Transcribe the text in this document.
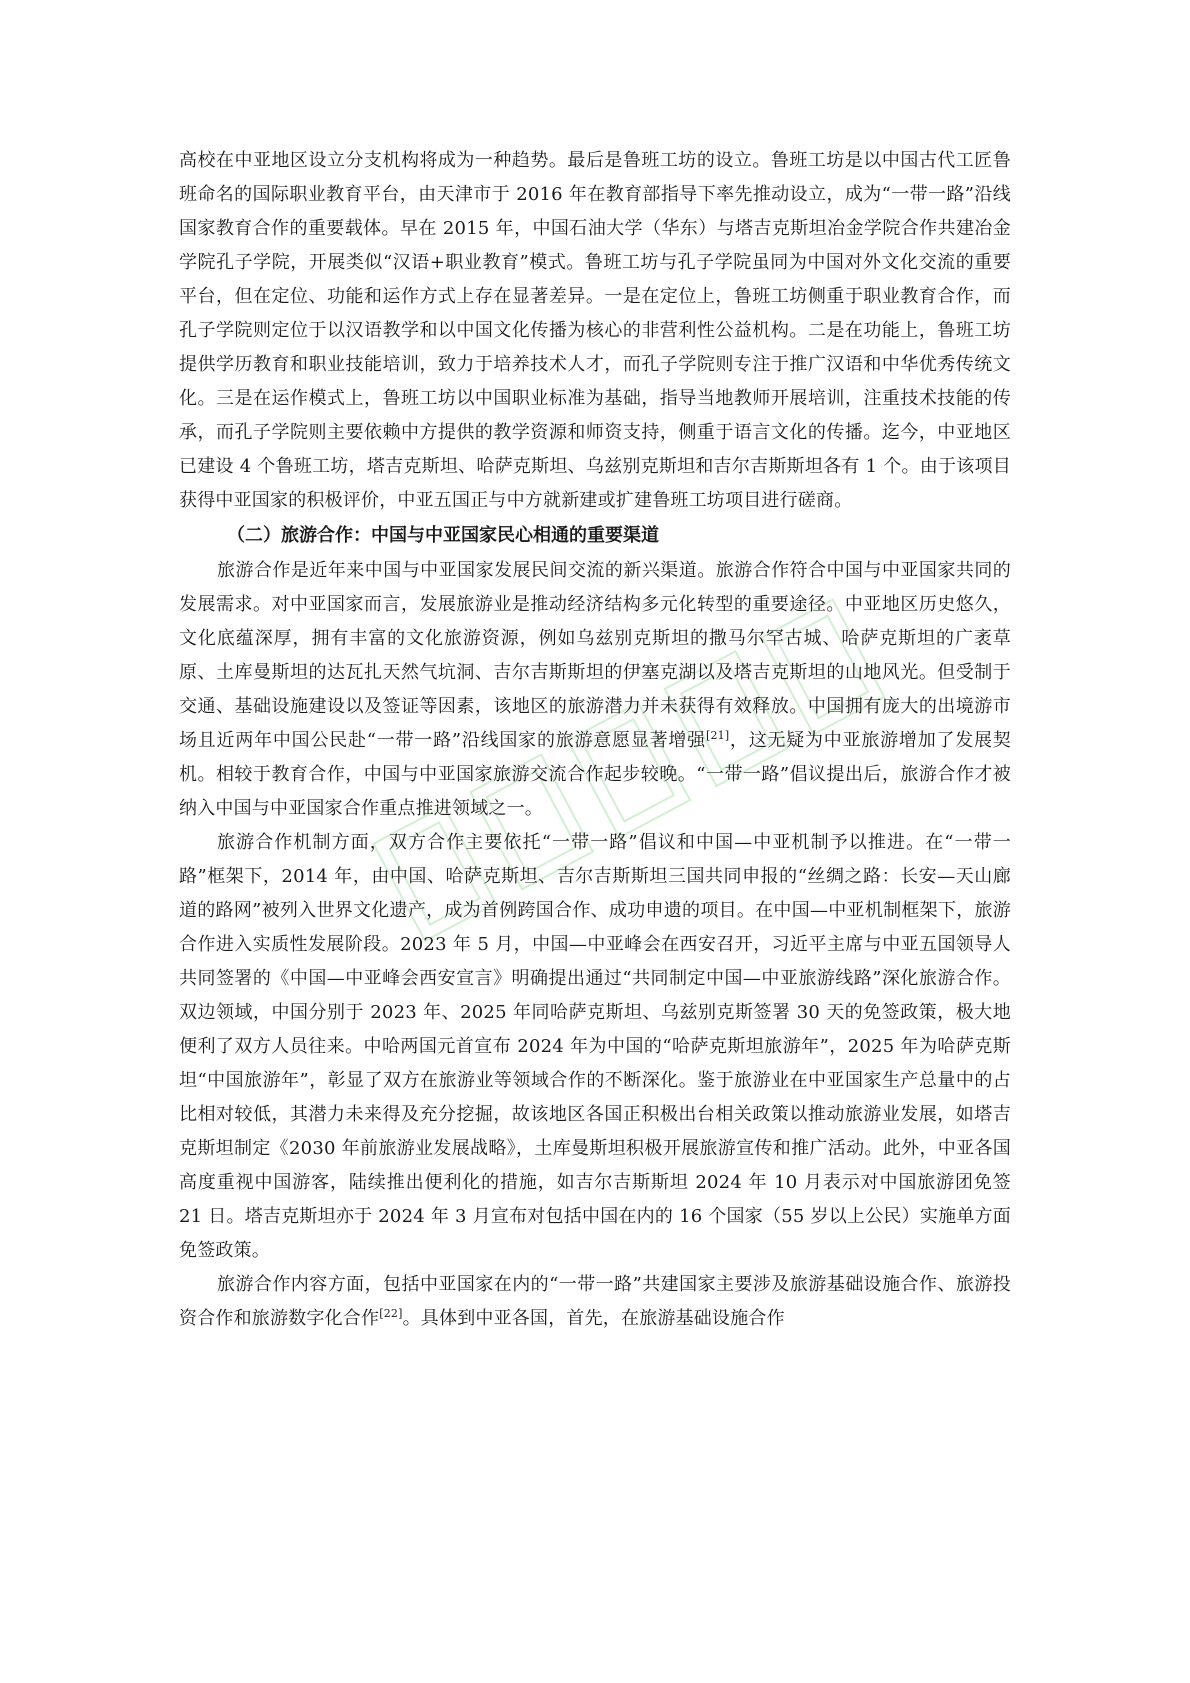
高校在中亚地区设立分支机构将成为一种趋势。最后是鲁班工坊的设立。鲁班工坊是以中国古代工匠鲁班命名的国际职业教育平台，由天津市于 2016 年在教育部指导下率先推动设立，成为“一带一路”沿线国家教育合作的重要载体。早在 2015 年，中国石油大学（华东）与塔吉克斯坦冶金学院合作共建冶金学院孔子学院，开展类似“汉语+职业教育”模式。鲁班工坊与孔子学院虽同为中国对外文化交流的重要平台，但在定位、功能和运作方式上存在显著差异。一是在定位上，鲁班工坊侧重于职业教育合作，而孔子学院则定位于以汉语教学和以中国文化传播为核心的非营利性公益机构。二是在功能上，鲁班工坊提供学历教育和职业技能培训，致力于培养技术人才，而孔子学院则专注于推广汉语和中华优秀传统文化。三是在运作模式上，鲁班工坊以中国职业标准为基础，指导当地教师开展培训，注重技术技能的传承，而孔子学院则主要依赖中方提供的教学资源和师资支持，侧重于语言文化的传播。迄今，中亚地区已建设 4 个鲁班工坊，塔吉克斯坦、哈萨克斯坦、乌兹别克斯坦和吉尔吉斯斯坦各有 1 个。由于该项目获得中亚国家的积极评价，中亚五国正与中方就新建或扩建鲁班工坊项目进行磋商。

（二）旅游合作：中国与中亚国家民心相通的重要渠道

旅游合作是近年来中国与中亚国家发展民间交流的新兴渠道。旅游合作符合中国与中亚国家共同的发展需求。对中亚国家而言，发展旅游业是推动经济结构多元化转型的重要途径。中亚地区历史悠久，文化底蕴深厚，拥有丰富的文化旅游资源，例如乌兹别克斯坦的撒马尔罕古城、哈萨克斯坦的广袤草原、土库曼斯坦的达瓦扎天然气坑洞、吉尔吉斯斯坦的伊塞克湖以及塔吉克斯坦的山地风光。但受制于交通、基础设施建设以及签证等因素，该地区的旅游潜力并未获得有效释放。中国拥有庞大的出境游市场且近两年中国公民赴“一带一路”沿线国家的旅游意愿显著增强[21]，这无疑为中亚旅游增加了发展契机。相较于教育合作，中国与中亚国家旅游交流合作起步较晚。“一带一路”倡议提出后，旅游合作才被纳入中国与中亚国家合作重点推进领域之一。

旅游合作机制方面，双方合作主要依托“一带一路”倡议和中国—中亚机制予以推进。在“一带一路”框架下，2014 年，由中国、哈萨克斯坦、吉尔吉斯斯坦三国共同申报的“丝绸之路：长安—天山廊道的路网”被列入世界文化遗产，成为首例跨国合作、成功申遗的项目。在中国—中亚机制框架下，旅游合作进入实质性发展阶段。2023 年 5 月，中国—中亚峰会在西安召开，习近平主席与中亚五国领导人共同签署的《中国—中亚峰会西安宣言》明确提出通过“共同制定中国—中亚旅游线路”深化旅游合作。双边领域，中国分别于 2023 年、2025 年同哈萨克斯坦、乌兹别克斯签署 30 天的免签政策，极大地便利了双方人员往来。中哈两国元首宣布 2024 年为中国的“哈萨克斯坦旅游年”，2025 年为哈萨克斯坦“中国旅游年”，彰显了双方在旅游业等领域合作的不断深化。鉴于旅游业在中亚国家生产总量中的占比相对较低，其潜力未来得及充分挖掘，故该地区各国正积极出台相关政策以推动旅游业发展，如塔吉克斯坦制定《2030 年前旅游业发展战略》，土库曼斯坦积极开展旅游宣传和推广活动。此外，中亚各国高度重视中国游客，陆续推出便利化的措施，如吉尔吉斯斯坦 2024 年 10 月表示对中国旅游团免签 21 日。塔吉克斯坦亦于 2024 年 3 月宣布对包括中国在内的 16 个国家（55 岁以上公民）实施单方面免签政策。

旅游合作内容方面，包括中亚国家在内的“一带一路”共建国家主要涉及旅游基础设施合作、旅游投资合作和旅游数字化合作[22]。具体到中亚各国，首先，在旅游基础设施合作
